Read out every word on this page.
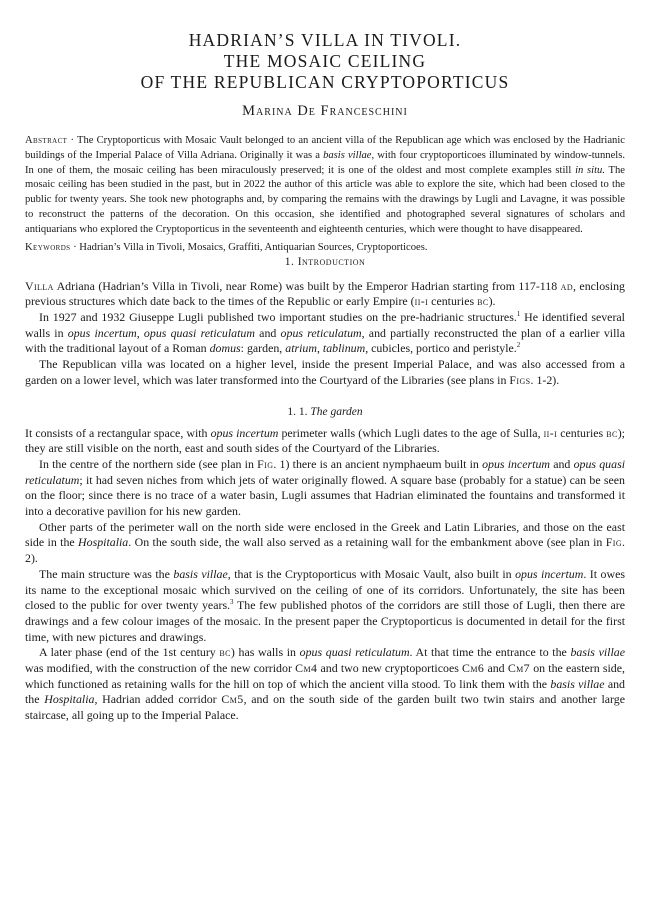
HADRIAN’S VILLA IN TIVOLI.
THE MOSAIC CEILING
OF THE REPUBLICAN CRYPTOPORTICUS
Marina De Franceschini

Abstract · The Cryptoporticus with Mosaic Vault belonged to an ancient villa of the Republican age which was enclosed by the Hadrianic buildings of the Imperial Palace of Villa Adriana. Originally it was a basis villae, with four cryptoporticoes illuminated by window-tunnels. In one of them, the mosaic ceiling has been miraculously preserved; it is one of the oldest and most complete examples still in situ. The mosaic ceiling has been studied in the past, but in 2022 the author of this article was able to explore the site, which had been closed to the public for twenty years. She took new photographs and, by comparing the remains with the drawings by Lugli and Lavagne, it was possible to reconstruct the patterns of the decoration. On this occasion, she identified and photographed several signatures of scholars and antiquarians who explored the Cryptoporticus in the seventeenth and eighteenth centuries, which were thought to have disappeared.

Keywords · Hadrian’s Villa in Tivoli, Mosaics, Graffiti, Antiquarian Sources, Cryptoporticoes.

1. Introduction

Villa Adriana (Hadrian’s Villa in Tivoli, near Rome) was built by the Emperor Hadrian starting from 117-118 ad, enclosing previous structures which date back to the times of the Republic or early Empire (ii-i centuries bc).

In 1927 and 1932 Giuseppe Lugli published two important studies on the pre-hadrianic structures.$^1$ He identified several walls in opus incertum, opus quasi reticulatum and opus reticulatum, and partially reconstructed the plan of a earlier villa with the traditional layout of a Roman domus: garden, atrium, tablinum, cubicles, portico and peristyle.$^2$

The Republican villa was located on a higher level, inside the present Imperial Palace, and was also accessed from a garden on a lower level, which was later transformed into the Courtyard of the Libraries (see plans in Figs. 1-2).

1. 1. The garden

It consists of a rectangular space, with opus incertum perimeter walls (which Lugli dates to the age of Sulla, ii-i centuries bc); they are still visible on the north, east and south sides of the Courtyard of the Libraries.

In the centre of the northern side (see plan in Fig. 1) there is an ancient nymphaeum built in opus incertum and opus quasi reticulatum; it had seven niches from which jets of water originally flowed. A square base (probably for a statue) can be seen on the floor; since there is no trace of a water basin, Lugli assumes that Hadrian eliminated the fountains and transformed it into a decorative pavilion for his new garden.

Other parts of the perimeter wall on the north side were enclosed in the Greek and Latin Libraries, and those on the east side in the Hospitalia. On the south side, the wall also served as a retaining wall for the embankment above (see plan in Fig. 2).

The main structure was the basis villae, that is the Cryptoporticus with Mosaic Vault, also built in opus incertum. It owes its name to the exceptional mosaic which survived on the ceiling of one of its corridors. Unfortunately, the site has been closed to the public for over twenty years.$^3$ The few published photos of the corridors are still those of Lugli, then there are drawings and a few colour images of the mosaic. In the present paper the Cryptoporticus is documented in detail for the first time, with new pictures and drawings.

A later phase (end of the 1st century bc) has walls in opus quasi reticulatum. At that time the entrance to the basis villae was modified, with the construction of the new corridor Cm4 and two new cryptoporticoes Cm6 and Cm7 on the eastern side, which functioned as retaining walls for the hill on top of which the ancient villa stood. To link them with the basis villae and the Hospitalia, Hadrian added corridor Cm5, and on the south side of the garden built two twin stairs and another large staircase, all going up to the Imperial Palace.
